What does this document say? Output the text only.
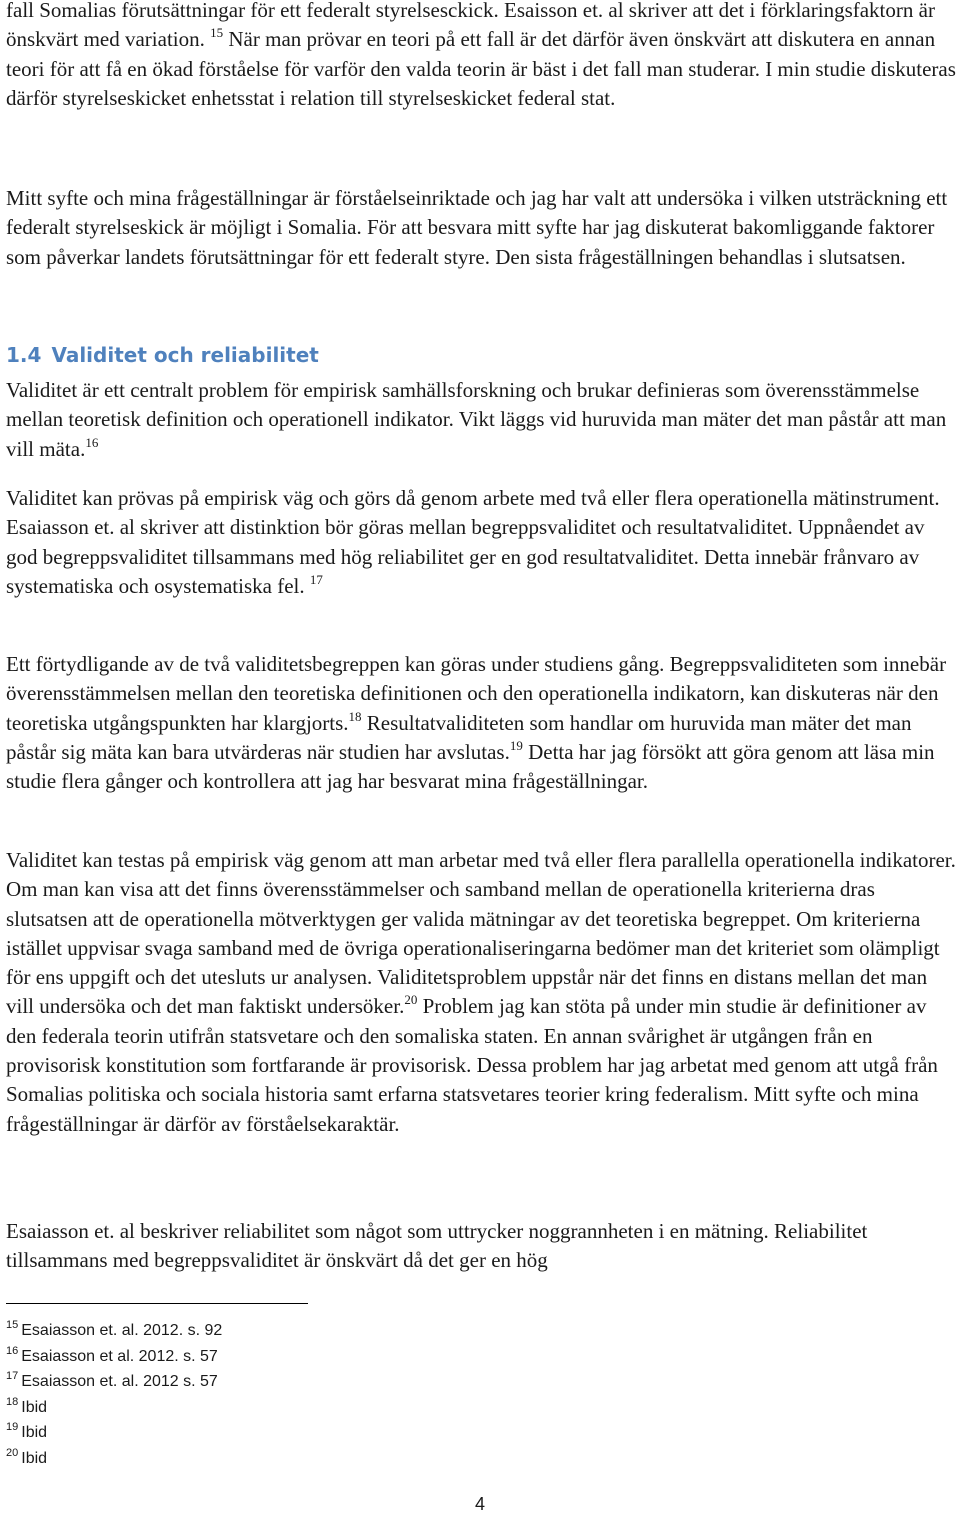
fall Somalias förutsättningar för ett federalt styrelsesckick. Esaisson et. al skriver att det i förklaringsfaktorn är önskvärt med variation. $^{15}$ När man prövar en teori på ett fall är det därför även önskvärt att diskutera en annan teori för att få en ökad förståelse för varför den valda teorin är bäst i det fall man studerar. I min studie diskuteras därför styrelseskicket enhetsstat i relation till styrelseskicket federal stat.

Mitt syfte och mina frågeställningar är förståelseinriktade och jag har valt att undersöka i vilken utsträckning ett federalt styrelseskick är möjligt i Somalia. För att besvara mitt syfte har jag diskuterat bakomliggande faktorer som påverkar landets förutsättningar för ett federalt styre. Den sista frågeställningen behandlas i slutsatsen.

1.4 Validitet och reliabilitet

Validitet är ett centralt problem för empirisk samhällsforskning och brukar definieras som överensstämmelse mellan teoretisk definition och operationell indikator. Vikt läggs vid huruvida man mäter det man påstår att man vill mäta.$^{16}$

Validitet kan prövas på empirisk väg och görs då genom arbete med två eller flera operationella mätinstrument. Esaiasson et. al skriver att distinktion bör göras mellan begreppsvaliditet och resultatvaliditet. Uppnåendet av god begreppsvaliditet tillsammans med hög reliabilitet ger en god resultatvaliditet. Detta innebär frånvaro av systematiska och osystematiska fel. $^{17}$

Ett förtydligande av de två validitetsbegreppen kan göras under studiens gång. Begreppsvaliditeten som innebär överensstämmelsen mellan den teoretiska definitionen och den operationella indikatorn, kan diskuteras när den teoretiska utgångspunkten har klargjorts.$^{18}$ Resultatvaliditeten som handlar om huruvida man mäter det man påstår sig mäta kan bara utvärderas när studien har avslutas.$^{19}$ Detta har jag försökt att göra genom att läsa min studie flera gånger och kontrollera att jag har besvarat mina frågeställningar.

Validitet kan testas på empirisk väg genom att man arbetar med två eller flera parallella operationella indikatorer. Om man kan visa att det finns överensstämmelser och samband mellan de operationella kriterierna dras slutsatsen att de operationella mötverktygen ger valida mätningar av det teoretiska begreppet. Om kriterierna istället uppvisar svaga samband med de övriga operationaliseringarna bedömer man det kriteriet som olämpligt för ens uppgift och det utesluts ur analysen. Validitetsproblem uppstår när det finns en distans mellan det man vill undersöka och det man faktiskt undersöker.$^{20}$ Problem jag kan stöta på under min studie är definitioner av den federala teorin utifrån statsvetare och den somaliska staten. En annan svårighet är utgången från en provisorisk konstitution som fortfarande är provisorisk. Dessa problem har jag arbetat med genom att utgå från Somalias politiska och sociala historia samt erfarna statsvetares teorier kring federalism. Mitt syfte och mina frågeställningar är därför av förståelsekaraktär.

Esaiasson et. al beskriver reliabilitet som något som uttrycker noggrannheten i en mätning. Reliabilitet tillsammans med begreppsvaliditet är önskvärt då det ger en hög

$^{15}$ Esaiasson et. al. 2012. s. 92
$^{16}$ Esaiasson et al. 2012. s. 57
$^{17}$ Esaiasson et. al. 2012 s. 57
$^{18}$ Ibid
$^{19}$ Ibid
$^{20}$ Ibid
4
